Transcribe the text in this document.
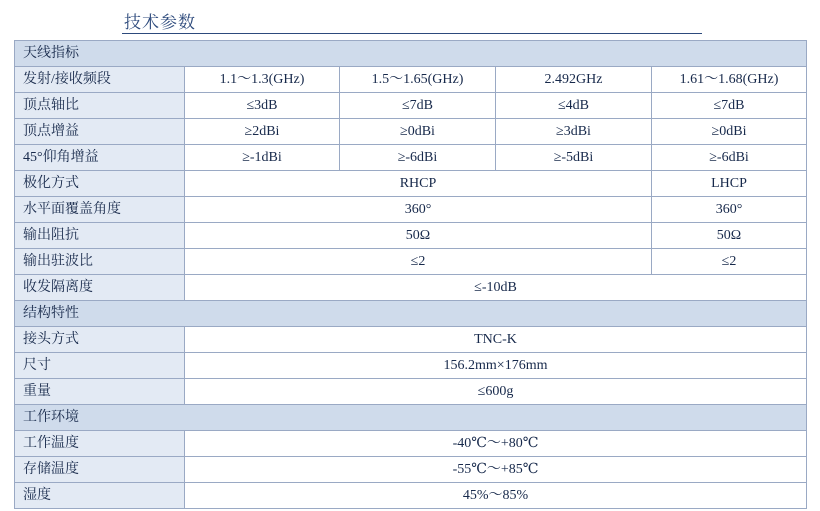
技术参数
天线指标				
发射/接收频段	1.1～1.3(GHz)	1.5～1.65(GHz)	2.492GHz	1.61～1.68(GHz)
顶点轴比	≤3dB	≤7dB	≤4dB	≤7dB
顶点增益	≥2dBi	≥0dBi	≥3dBi	≥0dBi
45°仰角增益	≥-1dBi	≥-6dBi	≥-5dBi	≥-6dBi
极化方式	RHCP			LHCP
水平面覆盖角度	360°			360°
输出阻抗	50Ω			50Ω
输出驻波比	≤2			≤2
收发隔离度	≤-10dB			
结构特性				
接头方式	TNC-K			
尺寸	156.2mm×176mm			
重量	≤600g			
工作环境				
工作温度	-40℃～+80℃			
存储温度	-55℃～+85℃			
湿度	45%～85%			
